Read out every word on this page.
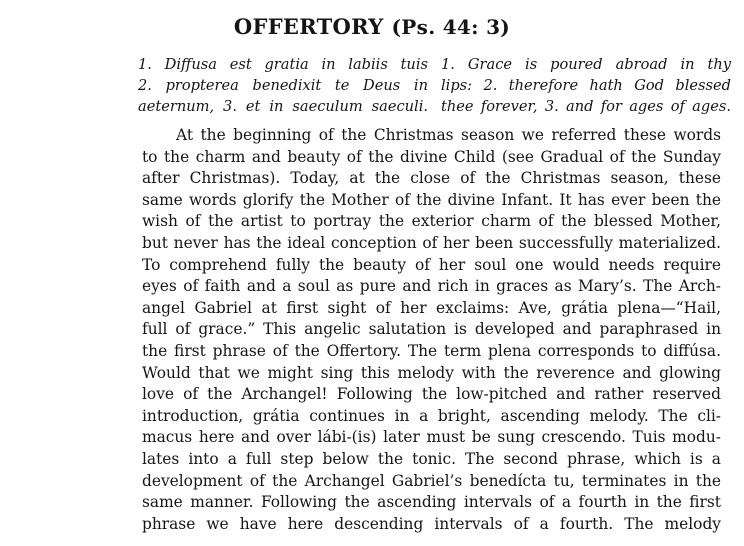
OFFERTORY (Ps. 44: 3)
1. Diffusa est gratia in labiis tuis
2. propterea benedixit te Deus in
aeternum, 3. et in saeculum saeculi.
1. Grace is poured abroad in thy
lips: 2. therefore hath God blessed
thee forever, 3. and for ages of ages.
At the beginning of the Christmas season we referred these words
to the charm and beauty of the divine Child (see Gradual of the Sunday
after Christmas). Today, at the close of the Christmas season, these
same words glorify the Mother of the divine Infant. It has ever been the
wish of the artist to portray the exterior charm of the blessed Mother,
but never has the ideal conception of her been successfully materialized.
To comprehend fully the beauty of her soul one would needs require
eyes of faith and a soul as pure and rich in graces as Mary’s. The Arch-
angel Gabriel at first sight of her exclaims: Ave, grátia plena—“Hail,
full of grace.” This angelic salutation is developed and paraphrased in
the first phrase of the Offertory. The term plena corresponds to diffúsa.
Would that we might sing this melody with the reverence and glowing
love of the Archangel! Following the low-pitched and rather reserved
introduction, grátia continues in a bright, ascending melody. The cli-
macus here and over lábi-(is) later must be sung crescendo. Tuis modu-
lates into a full step below the tonic. The second phrase, which is a
development of the Archangel Gabriel’s benedícta tu, terminates in the
same manner. Following the ascending intervals of a fourth in the first
phrase we have here descending intervals of a fourth. The melody
